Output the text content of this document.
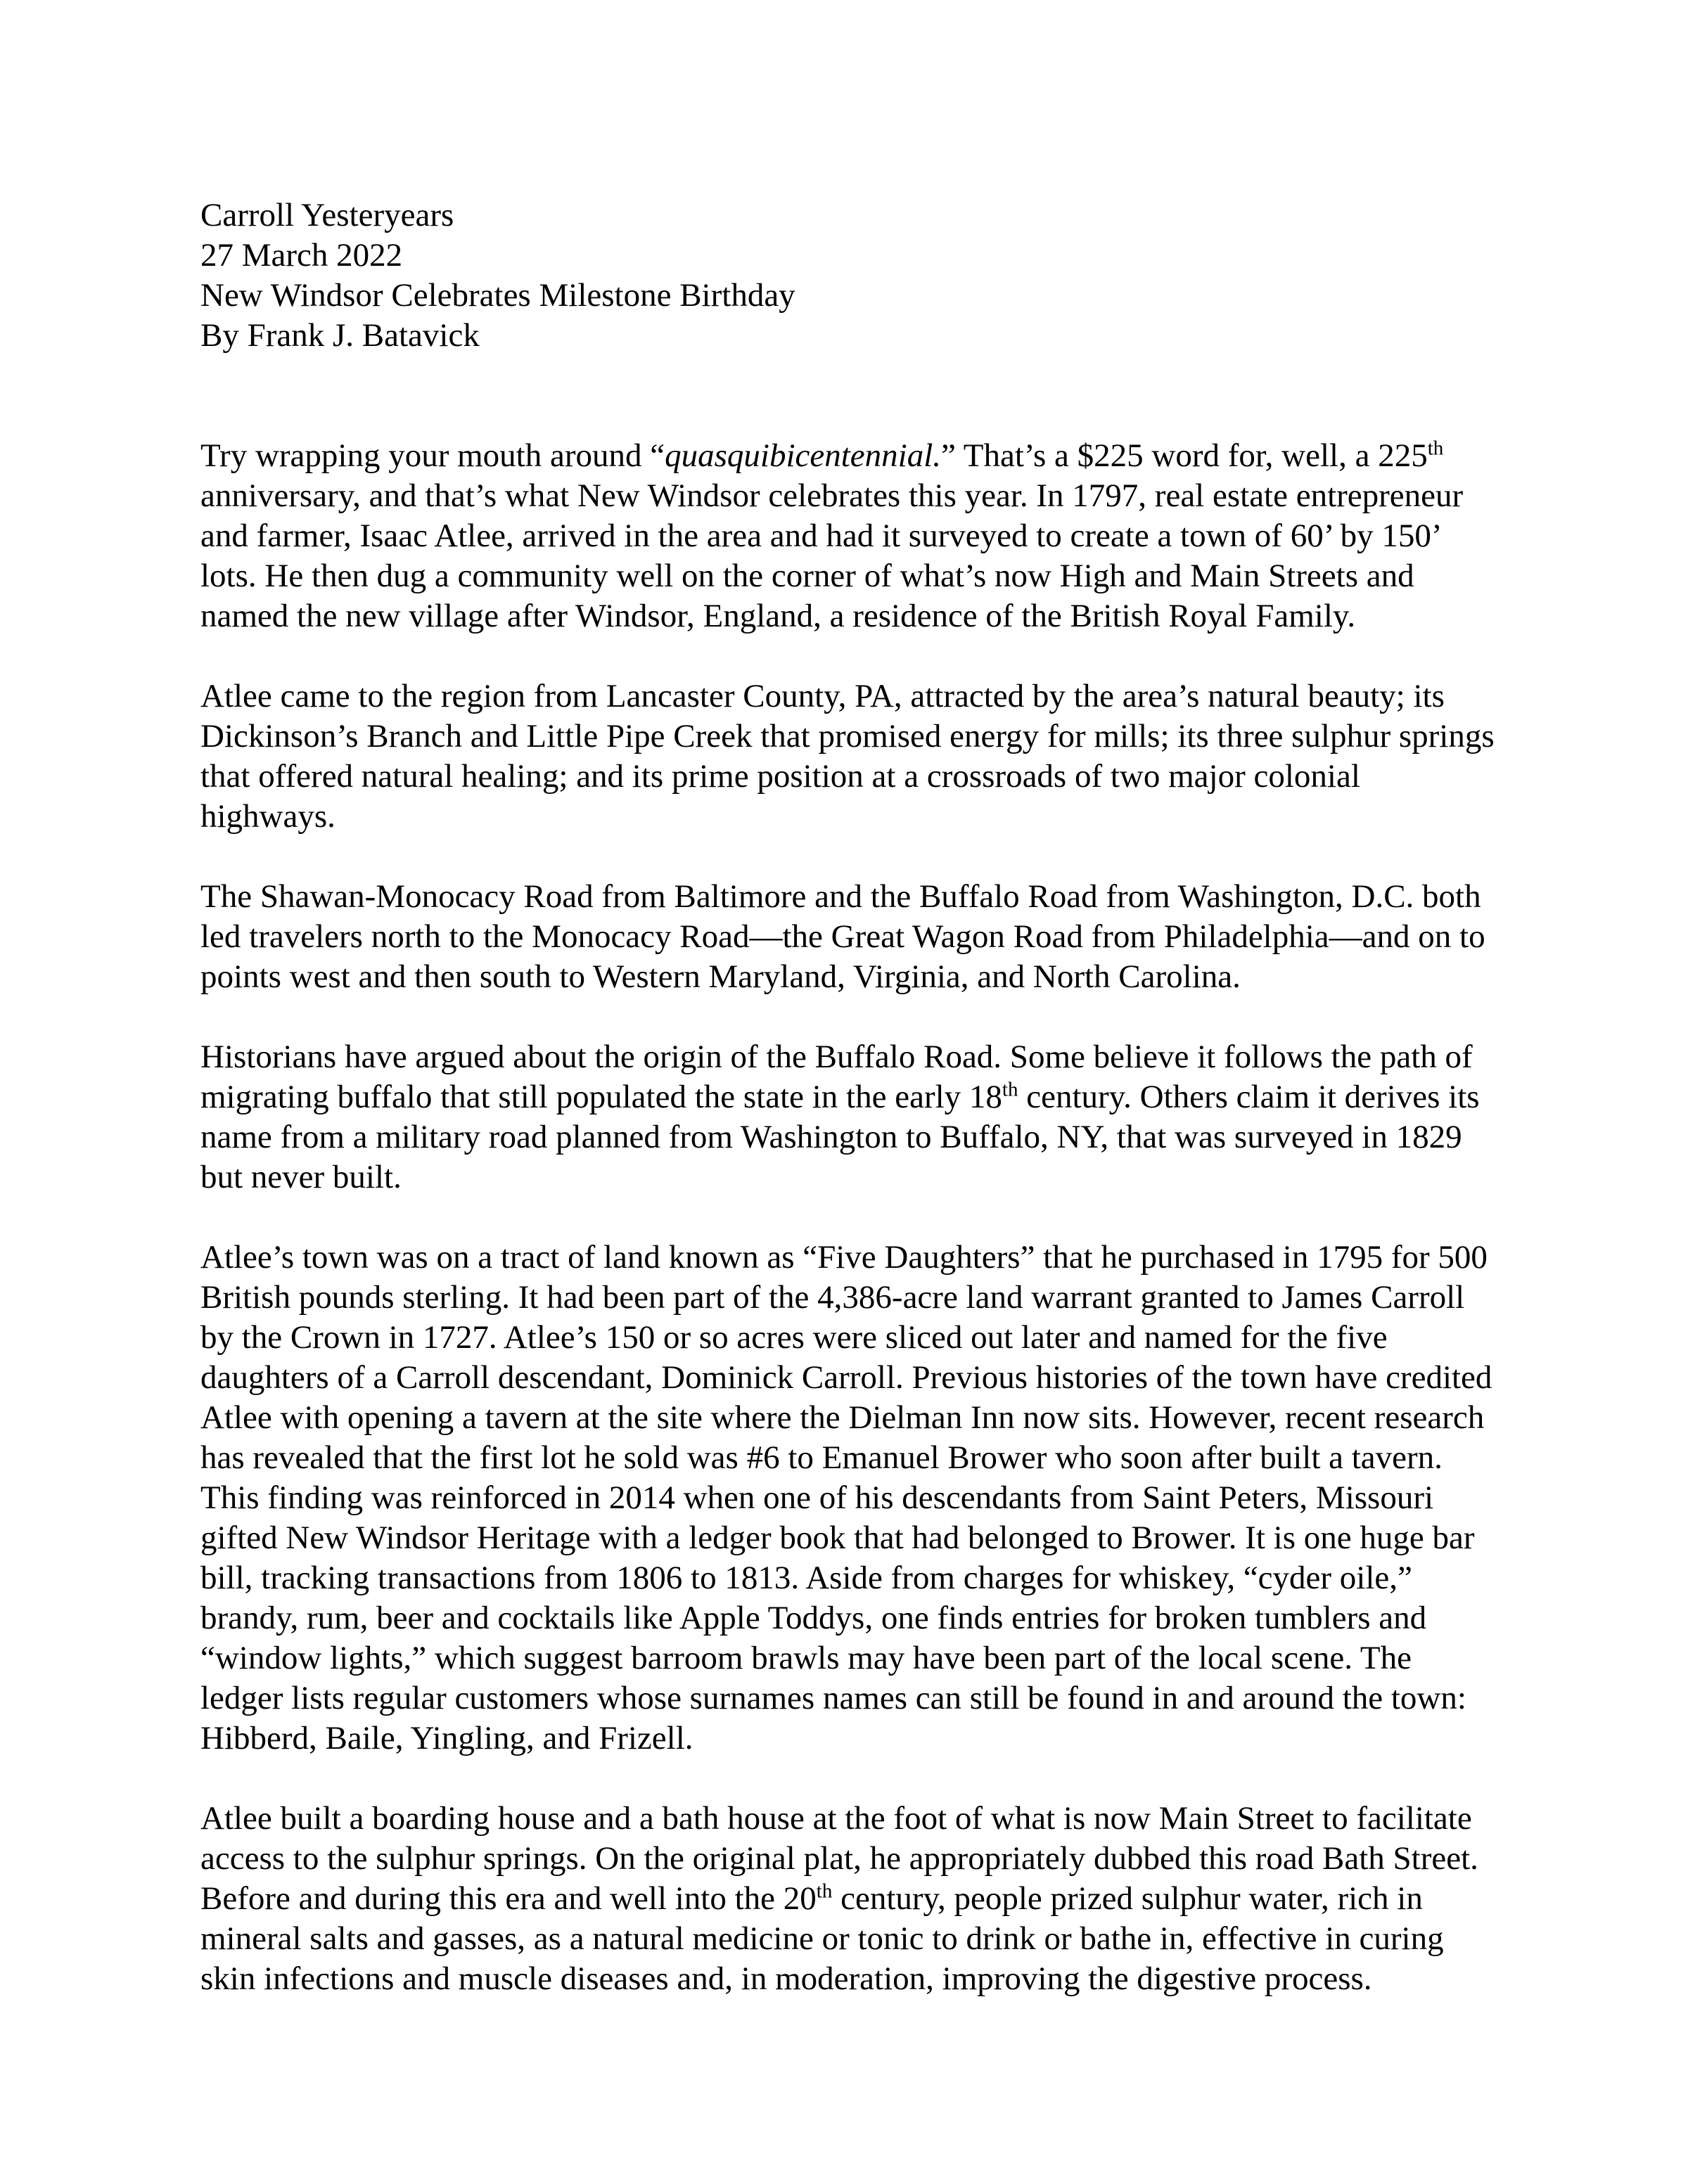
Carroll Yesteryears
27 March 2022
New Windsor Celebrates Milestone Birthday
By Frank J. Batavick

Try wrapping your mouth around “quasquibicentennial.” That’s a $225 word for, well, a 225th anniversary, and that’s what New Windsor celebrates this year. In 1797, real estate entrepreneur and farmer, Isaac Atlee, arrived in the area and had it surveyed to create a town of 60’ by 150’ lots. He then dug a community well on the corner of what’s now High and Main Streets and named the new village after Windsor, England, a residence of the British Royal Family.

Atlee came to the region from Lancaster County, PA, attracted by the area’s natural beauty; its Dickinson’s Branch and Little Pipe Creek that promised energy for mills; its three sulphur springs that offered natural healing; and its prime position at a crossroads of two major colonial highways.

The Shawan-Monocacy Road from Baltimore and the Buffalo Road from Washington, D.C. both led travelers north to the Monocacy Road—the Great Wagon Road from Philadelphia—and on to points west and then south to Western Maryland, Virginia, and North Carolina.

Historians have argued about the origin of the Buffalo Road. Some believe it follows the path of migrating buffalo that still populated the state in the early 18th century. Others claim it derives its name from a military road planned from Washington to Buffalo, NY, that was surveyed in 1829 but never built.

Atlee’s town was on a tract of land known as “Five Daughters” that he purchased in 1795 for 500 British pounds sterling. It had been part of the 4,386-acre land warrant granted to James Carroll by the Crown in 1727. Atlee’s 150 or so acres were sliced out later and named for the five daughters of a Carroll descendant, Dominick Carroll. Previous histories of the town have credited Atlee with opening a tavern at the site where the Dielman Inn now sits. However, recent research has revealed that the first lot he sold was #6 to Emanuel Brower who soon after built a tavern. This finding was reinforced in 2014 when one of his descendants from Saint Peters, Missouri gifted New Windsor Heritage with a ledger book that had belonged to Brower. It is one huge bar bill, tracking transactions from 1806 to 1813. Aside from charges for whiskey, “cyder oile,” brandy, rum, beer and cocktails like Apple Toddys, one finds entries for broken tumblers and “window lights,” which suggest barroom brawls may have been part of the local scene. The ledger lists regular customers whose surnames names can still be found in and around the town: Hibberd, Baile, Yingling, and Frizell.

Atlee built a boarding house and a bath house at the foot of what is now Main Street to facilitate access to the sulphur springs. On the original plat, he appropriately dubbed this road Bath Street. Before and during this era and well into the 20th century, people prized sulphur water, rich in mineral salts and gasses, as a natural medicine or tonic to drink or bathe in, effective in curing skin infections and muscle diseases and, in moderation, improving the digestive process.
